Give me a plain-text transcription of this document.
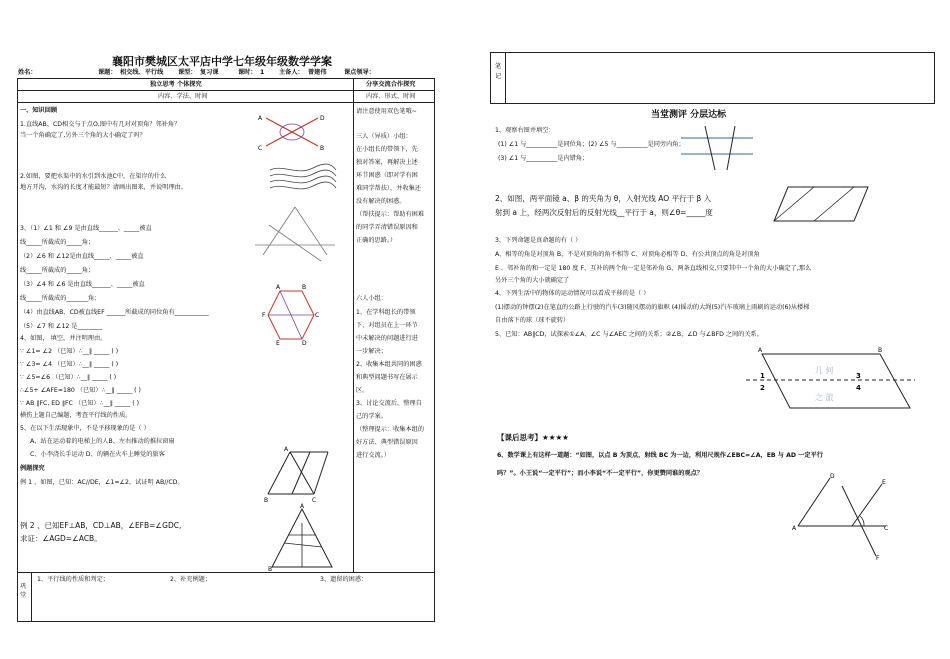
襄阳市樊城区太平店中学七年级年级数学学案
姓名：	课题： 相交线、平行线 课型： 复习课	课时： 1 主备人： 曾建伟	课点领导：
独立思考 个体探究	分享交流合作探究
内容、学法、时间	内容、形式、时间
一、知识回顾
1.直线AB、CD相交与于点O,图中有几对对顶角？邻补角？
当一个角确定了,另外三个角的大小确定了吗？
2.如图，要把水渠中的水引到水池C中，在渠岸的什么
地方开沟，水沟的长度才能最短？请画出图来，并说明理由。
3、（1）∠1 和 ∠9 是由直线______、_____被直
线_____所截成的_____角；
（2）∠6 和 ∠12是由直线_____、_____被直
线_____所截成的_____角；
（3）∠4 和 ∠6 是由直线______、_____被直
线_____所截成的_______角；
（4）由直线AB、CD被直线EF ______所截成的同位角有___________
（5）∠7 和 ∠12 是________
4、如图， 填空，并注明理由。
∵ ∠1= ∠2 （已知）∴__∥ _____ ( )
∵ ∠3= ∠4 （已知）∴__∥ _____ ( )
∵ ∠5=∠6 （已知）∴__∥ _____ ( )
∴∠5+ ∠AFE=180 （已知）∴__∥ _____ ( )
∵ AB ∥FC, ED ∥FC （已知）∴__∥ _____ ( )
横伤上题自己编题，考查平行线的性质。
5、在以下生活现象中，不是平移现象的是（ ）
A、站在运动着的电梯上的人B、左右推动的推拉窗扇
C、小李浇长手运动 D、的辆在火车上睡觉的旅客
例题探究
例 1 、如图，已知：AC//DE，∠1=∠2，试证明 AB//CD。
例 2 、已知EF⊥AB，CD⊥AB，∠EFB=∠GDC,
求证：∠AGD=∠ACB。
巩堂
1、平行线的性质和判定；	2、补充例题；	3、遗留的困惑：
请注意使用双色笔哦~
三人（异质）小组：
在小组长的带领下，先
独对答案，再解决上述
环节困惑（即对学有困
难同学帮扶），并收集还
没有解决的困惑。
（帮扶提示：帮助有困难
的同学弄清错误原因和
正确的思路。）
六人小组：
1、在学科组长的带领
下，对组员在上一环节
中未解决的问题进行进
一步解决；
2、收集本组共同的困惑
和典型问题书写在展示
区。
3、讨论交流后，整理自
己的学案。
（整理提示：收集本组的
好方法、典型错误原因
进行交流。）
A	D
C	B
A	B
F	C
E	D
A
B	C
A
B
笔记
当堂测评 分层达标
1、观察右图并填空：
(1) ∠1 与__________是同位角；(2) ∠5 与__________是同旁内角；
(3) ∠1 与__________是内错角；
2、如图，两平面镜 a、β 的夹角为 θ，入射光线 AO 平行于 β 入
射到 a 上，经两次反射后的反射光线__平行于 a，则∠θ=_____度
3、下列命题是真命题的有（ ）
A、相等的角是对顶角 B、不是对顶角的角不相等 C、对顶角必相等 D、有公共顶点的角是对顶角
E 、邻补角的和一定是 180 度 F、互补的两个角一定是邻补角 G、两条直线相交,只要其中一个角的大小确定了,那么
另外三个角的大小就确定了
4、下列生活中的物体的运动情况可以看成平移的是（ ）
(1)摆动的钟摆(2)在笔直的公路上行驶的汽车(3)随风摆动的旗帜 (4)摇动的大绳(5)汽车玻璃上雨刷的运动(6)从楼梯
自由落下的球（球不旋转）
5、已知：AB∥CD，试探索①∠A、∠C 与∠AEC 之间的关系；②∠B、∠D 与∠BFD 之间的关系。
A	B
1
2
3
4
几 何
之 旅
【课后思考】★★★★
6、数学课上有这样一道题：“如图，以点 B 为顶点，射线 BC 为一边，利用尺规作∠EBC=∠A，EB 与 AD 一定平行
吗？”。小王说“一定平行”；而小李说“不一定平行”，你更赞同谁的观点？
A
D
E
C
F
